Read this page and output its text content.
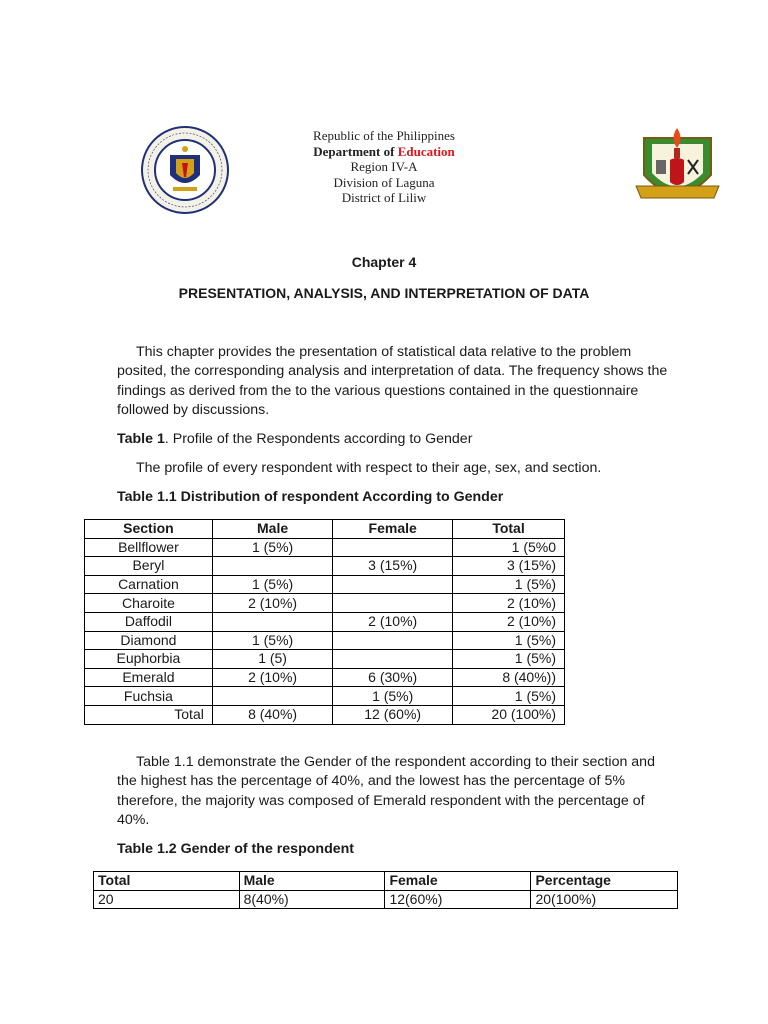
Republic of the Philippines
Department of Education
Region IV-A
Division of Laguna
District of Liliw
Chapter 4
PRESENTATION, ANALYSIS, AND INTERPRETATION OF DATA
This chapter provides the presentation of statistical data relative to the problem posited, the corresponding analysis and interpretation of data. The frequency shows the findings as derived from the to the various questions contained in the questionnaire followed by discussions.
Table 1. Profile of the Respondents according to Gender
The profile of every respondent with respect to their age, sex, and section.
Table 1.1 Distribution of respondent According to Gender
Section	Male	Female	Total
Bellflower	1 (5%)		1 (5%0
Beryl		3 (15%)	3 (15%)
Carnation	1 (5%)		1 (5%)
Charoite	2 (10%)		2 (10%)
Daffodil		2 (10%)	2 (10%)
Diamond	1 (5%)		1 (5%)
Euphorbia	1 (5)		1 (5%)
Emerald	2 (10%)	6 (30%)	8 (40%))
Fuchsia		1 (5%)	1 (5%)
Total	8 (40%)	12 (60%)	20 (100%)
Table 1.1 demonstrate the Gender of the respondent according to their section and the highest has the percentage of 40%, and the lowest has the percentage of 5% therefore, the majority was composed of Emerald respondent with the percentage of 40%.
Table 1.2 Gender of the respondent
Total	Male	Female	Percentage
20	8(40%)	12(60%)	20(100%)
